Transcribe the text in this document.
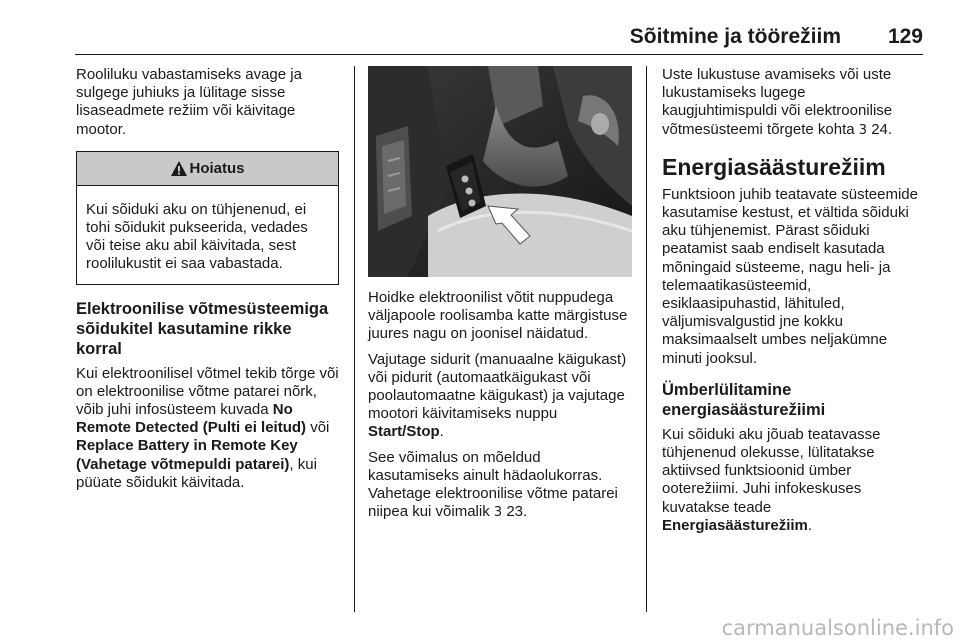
Sõitmine ja töörežiim 129

Rooliluku vabastamiseks avage ja sulgege juhiuks ja lülitage sisse lisaseadmete režiim või käivitage mootor.

Hoiatus

Kui sõiduki aku on tühjenenud, ei tohi sõidukit pukseerida, vedades või teise aku abil käivitada, sest roolilukustit ei saa vabastada.

Elektroonilise võtmesüsteemiga sõidukitel kasutamine rikke korral

Kui elektroonilisel võtmel tekib tõrge või on elektroonilise võtme patarei nõrk, võib juhi infosüsteem kuvada No Remote Detected (Pulti ei leitud) või Replace Battery in Remote Key (Vahetage võtmepuldi patarei), kui püüate sõidukit käivitada.

Hoidke elektroonilist võtit nuppudega väljapoole roolisamba katte märgistuse juures nagu on joonisel näidatud.

Vajutage sidurit (manuaalne käigukast) või pidurit (automaatkäigukast või poolautomaatne käigukast) ja vajutage mootori käivitamiseks nuppu Start/Stop.

See võimalus on mõeldud kasutamiseks ainult hädaolukorras. Vahetage elektroonilise võtme patarei niipea kui võimalik 3 23.

Uste lukustuse avamiseks või uste lukustamiseks lugege kaugjuhtimispuldi või elektroonilise võtmesüsteemi tõrgete kohta 3 24.

Energiasäästurežiim

Funktsioon juhib teatavate süsteemide kasutamise kestust, et vältida sõiduki aku tühjenemist. Pärast sõiduki peatamist saab endiselt kasutada mõningaid süsteeme, nagu heli- ja telemaatikasüsteemid, esiklaasipuhastid, lähituled, väljumisvalgustid jne kokku maksimaalselt umbes neljakümne minuti jooksul.

Ümberlülitamine energiasäästurežiimi

Kui sõiduki aku jõuab teatavasse tühjenenud olekusse, lülitatakse aktiivsed funktsioonid ümber ooterežiimi. Juhi infokeskuses kuvatakse teade Energiasäästurežiim.

carmanualsonline.info
